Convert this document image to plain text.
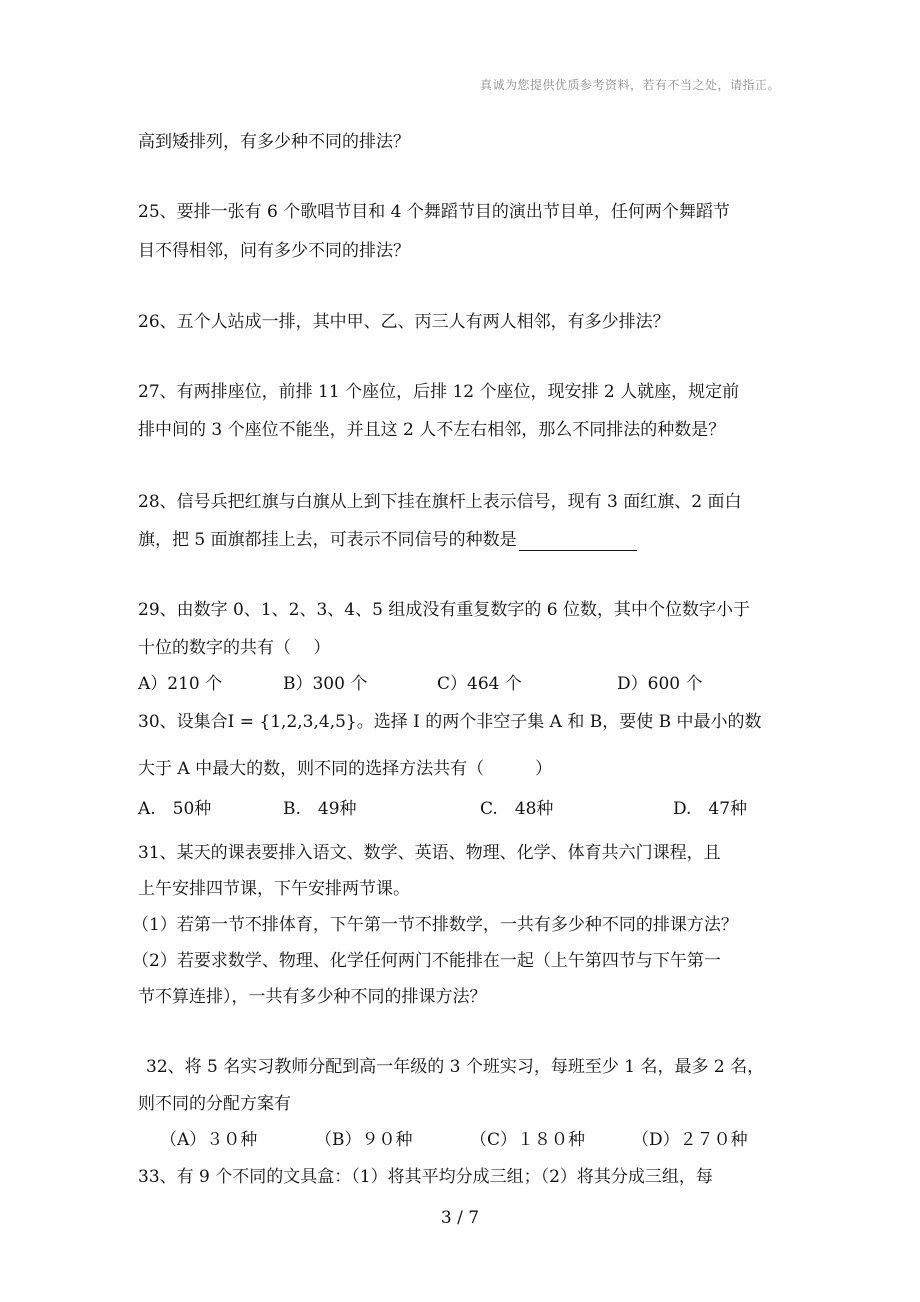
真诚为您提供优质参考资料，若有不当之处，请指正。
高到矮排列，有多少种不同的排法？
25、要排一张有 6 个歌唱节目和 4 个舞蹈节目的演出节目单，任何两个舞蹈节
目不得相邻，问有多少不同的排法？
26、五个人站成一排，其中甲、乙、丙三人有两人相邻，有多少排法？
27、有两排座位，前排 11 个座位，后排 12 个座位，现安排 2 人就座，规定前
排中间的 3 个座位不能坐，并且这 2 人不左右相邻，那么不同排法的种数是？
28、信号兵把红旗与白旗从上到下挂在旗杆上表示信号，现有 3 面红旗、2 面白
旗，把 5 面旗都挂上去，可表示不同信号的种数是
29、由数字 0、1、2、3、4、5 组成没有重复数字的 6 位数，其中个位数字小于
十位的数字的共有（　 ）
A）210 个	B）300 个	C）464 个	D）600 个
30、设集合I = {1,2,3,4,5}。选择 I 的两个非空子集 A 和 B，要使 B 中最小的数
大于 A 中最大的数，则不同的选择方法共有（　　　）
A.　50种	B.　49种	C.　48种	D.　47种
31、某天的课表要排入语文、数学、英语、物理、化学、体育共六门课程，且
上午安排四节课，下午安排两节课。
（1）若第一节不排体育，下午第一节不排数学，一共有多少种不同的排课方法？
（2）若要求数学、物理、化学任何两门不能排在一起（上午第四节与下午第一
节不算连排），一共有多少种不同的排课方法？
32、将 5 名实习教师分配到高一年级的 3 个班实习，每班至少 1 名，最多 2 名，
则不同的分配方案有
（A）３０种	（B）９０种	（C）１８０种	（D）２７０种
33、有 9 个不同的文具盒：（1）将其平均分成三组；（2）将其分成三组，每
3 / 7
